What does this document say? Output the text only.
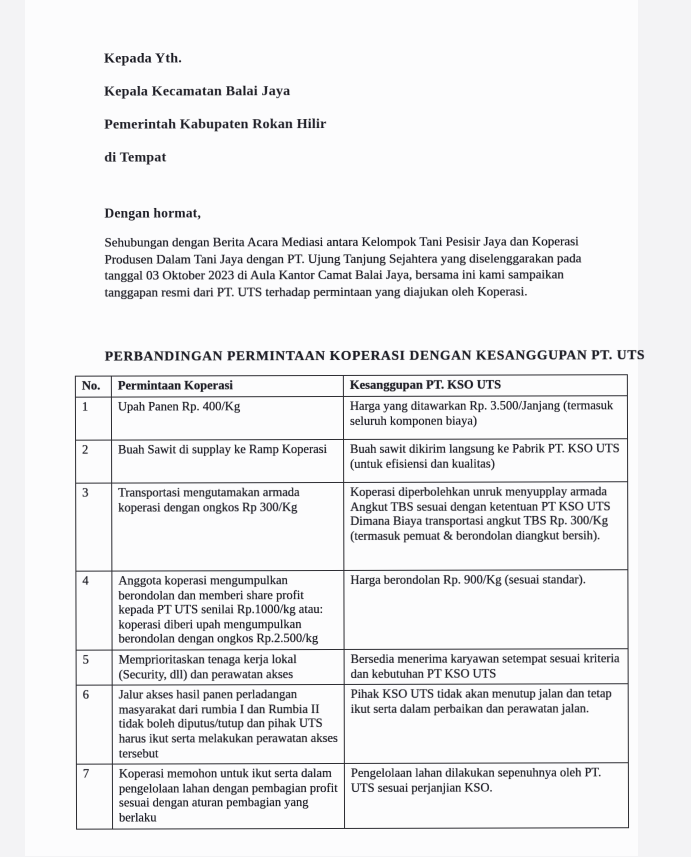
Kepada Yth.
Kepala Kecamatan Balai Jaya
Pemerintah Kabupaten Rokan Hilir
di Tempat
Dengan hormat,
Sehubungan dengan Berita Acara Mediasi antara Kelompok Tani Pesisir Jaya dan Koperasi
Produsen Dalam Tani Jaya dengan PT. Ujung Tanjung Sejahtera yang diselenggarakan pada
tanggal 03 Oktober 2023 di Aula Kantor Camat Balai Jaya, bersama ini kami sampaikan
tanggapan resmi dari PT. UTS terhadap permintaan yang diajukan oleh Koperasi.
PERBANDINGAN PERMINTAAN KOPERASI DENGAN KESANGGUPAN PT. UTS
No.	Permintaan Koperasi	Kesanggupan PT. KSO UTS
1	Upah Panen Rp. 400/Kg	Harga yang ditawarkan Rp. 3.500/Janjang (termasuk seluruh komponen biaya)
2	Buah Sawit di supplay ke Ramp Koperasi	Buah sawit dikirim langsung ke Pabrik PT. KSO UTS (untuk efisiensi dan kualitas)
3	Transportasi mengutamakan armada koperasi dengan ongkos Rp 300/Kg	Koperasi diperbolehkan unruk menyupplay armada Angkut TBS sesuai dengan ketentuan PT KSO UTS Dimana Biaya transportasi angkut TBS Rp. 300/Kg (termasuk pemuat & berondolan diangkut bersih).
4	Anggota koperasi mengumpulkan berondolan dan memberi share profit kepada PT UTS senilai Rp.1000/kg atau: koperasi diberi upah mengumpulkan berondolan dengan ongkos Rp.2.500/kg	Harga berondolan Rp. 900/Kg (sesuai standar).
5	Memprioritaskan tenaga kerja lokal (Security, dll) dan perawatan akses	Bersedia menerima karyawan setempat sesuai kriteria dan kebutuhan PT KSO UTS
6	Jalur akses hasil panen perladangan masyarakat dari rumbia I dan Rumbia II tidak boleh diputus/tutup dan pihak UTS harus ikut serta melakukan perawatan akses tersebut	Pihak KSO UTS tidak akan menutup jalan dan tetap ikut serta dalam perbaikan dan perawatan jalan.
7	Koperasi memohon untuk ikut serta dalam pengelolaan lahan dengan pembagian profit sesuai dengan aturan pembagian yang berlaku	Pengelolaan lahan dilakukan sepenuhnya oleh PT. UTS sesuai perjanjian KSO.
